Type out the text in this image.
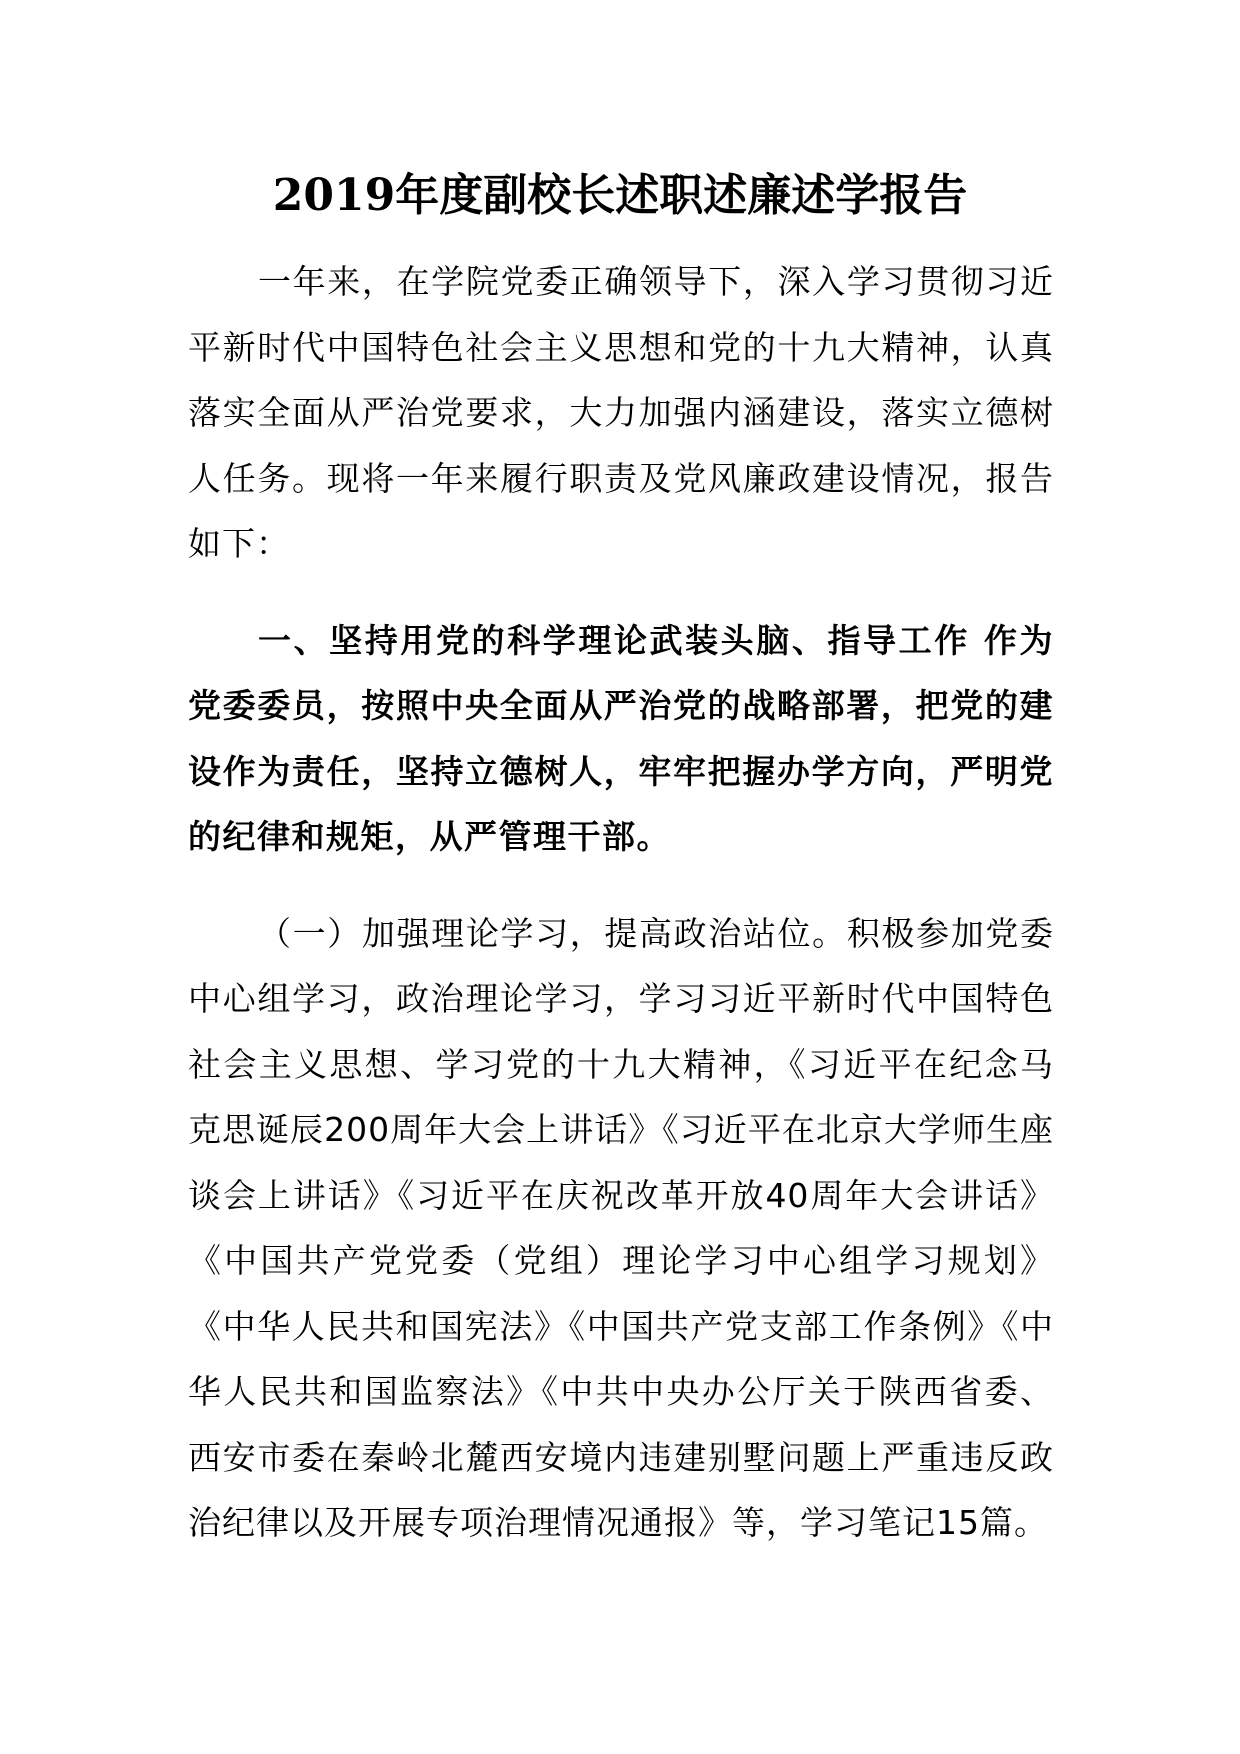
2019年度副校长述职述廉述学报告

一年来，在学院党委正确领导下，深入学习贯彻习近平新时代中国特色社会主义思想和党的十九大精神，认真落实全面从严治党要求，大力加强内涵建设，落实立德树人任务。现将一年来履行职责及党风廉政建设情况，报告如下：

一、坚持用党的科学理论武装头脑、指导工作 作为党委委员，按照中央全面从严治党的战略部署，把党的建设作为责任，坚持立德树人，牢牢把握办学方向，严明党的纪律和规矩，从严管理干部。

（一）加强理论学习，提高政治站位。积极参加党委中心组学习，政治理论学习，学习习近平新时代中国特色社会主义思想、学习党的十九大精神，《习近平在纪念马克思诞辰200周年大会上讲话》《习近平在北京大学师生座谈会上讲话》《习近平在庆祝改革开放40周年大会讲话》《中国共产党党委（党组）理论学习中心组学习规划》《中华人民共和国宪法》《中国共产党支部工作条例》《中华人民共和国监察法》《中共中央办公厅关于陕西省委、西安市委在秦岭北麓西安境内违建别墅问题上严重违反政治纪律以及开展专项治理情况通报》等，学习笔记15篇。
